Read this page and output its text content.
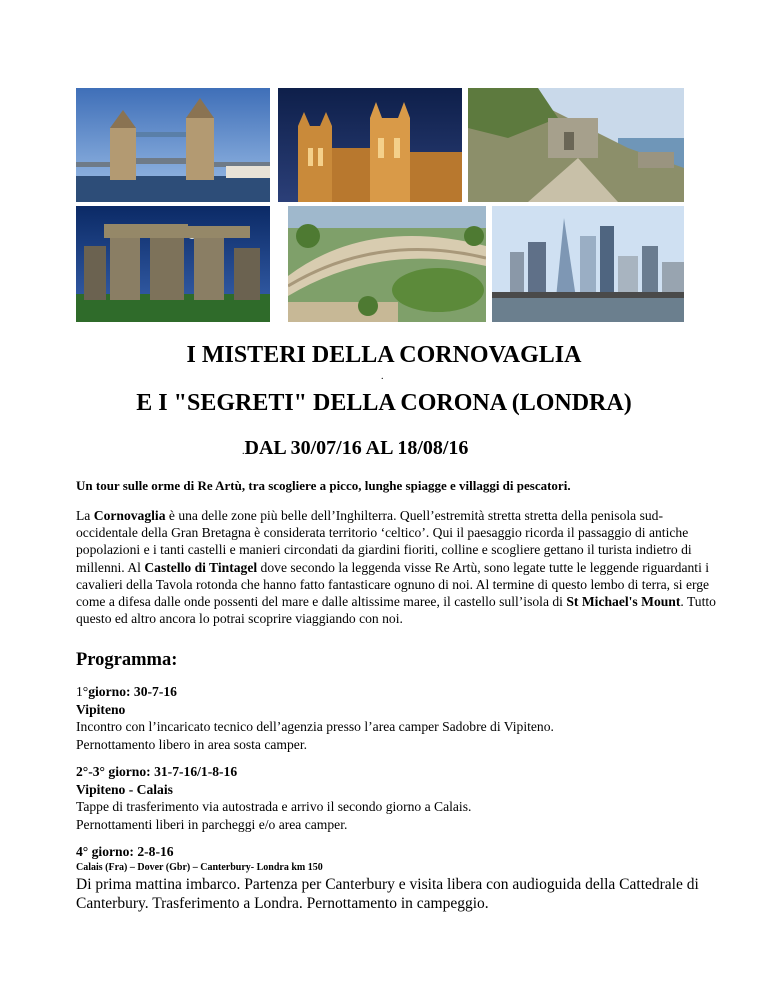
I MISTERI DELLA CORNOVAGLIA
.
E I "SEGRETI" DELLA CORONA (LONDRA)
.DAL 30/07/16 AL 18/08/16
Un tour sulle orme di Re Artù, tra scogliere a picco, lunghe spiagge e villaggi di pescatori.
La Cornovaglia è una delle zone più belle dell’Inghilterra. Quell’estremità stretta stretta della penisola sud-occidentale della Gran Bretagna è considerata territorio ‘celtico’. Qui il paesaggio ricorda il passaggio di antiche popolazioni e i tanti castelli e manieri circondati da giardini fioriti, colline e scogliere gettano il turista indietro di millenni. Al Castello di Tintagel dove secondo la leggenda visse Re Artù, sono legate tutte le leggende riguardanti i cavalieri della Tavola rotonda che hanno fatto fantasticare ognuno di noi. Al termine di questo lembo di terra, si erge come a difesa dalle onde possenti del mare e dalle altissime maree, il castello sull’isola di St Michael's Mount. Tutto questo ed altro ancora lo potrai scoprire viaggiando con noi.
Programma:
1°giorno: 30-7-16
Vipiteno
Incontro con l’incaricato tecnico dell’agenzia presso l’area camper Sadobre di Vipiteno.
Pernottamento libero in area sosta camper.
2°-3° giorno: 31-7-16/1-8-16
Vipiteno - Calais
Tappe di trasferimento via autostrada e arrivo il secondo giorno a Calais.
Pernottamenti liberi in parcheggi e/o area camper.
4° giorno: 2-8-16
Calais (Fra) – Dover (Gbr) – Canterbury- Londra km 150
Di prima mattina imbarco. Partenza per Canterbury e visita libera con audioguida della Cattedrale di Canterbury. Trasferimento a Londra. Pernottamento in campeggio.
